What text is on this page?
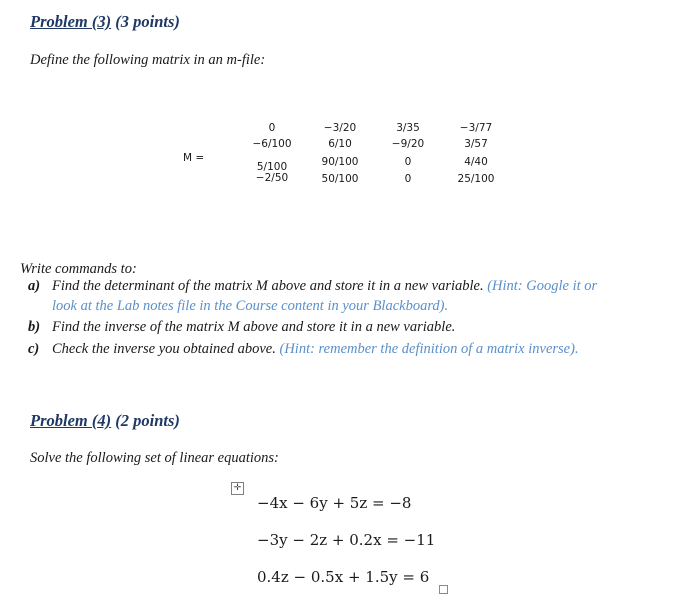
Problem (3) (3 points)
Define the following matrix in an m-file:
M =
0	−3/20	3/35	−3/77
−6/100	6/10	−9/20	3/57
5/100	90/100	0	4/40
−2/50	50/100	0	25/100
Write commands to:
a) Find the determinant of the matrix M above and store it in a new variable. (Hint: Google it or
look at the Lab notes file in the Course content in your Blackboard).
b) Find the inverse of the matrix M above and store it in a new variable.
c) Check the inverse you obtained above. (Hint: remember the definition of a matrix inverse).
Problem (4) (2 points)
Solve the following set of linear equations:
✛
−4x − 6y + 5z = −8
−3y − 2z + 0.2x = −11
0.4z − 0.5x + 1.5y = 6
